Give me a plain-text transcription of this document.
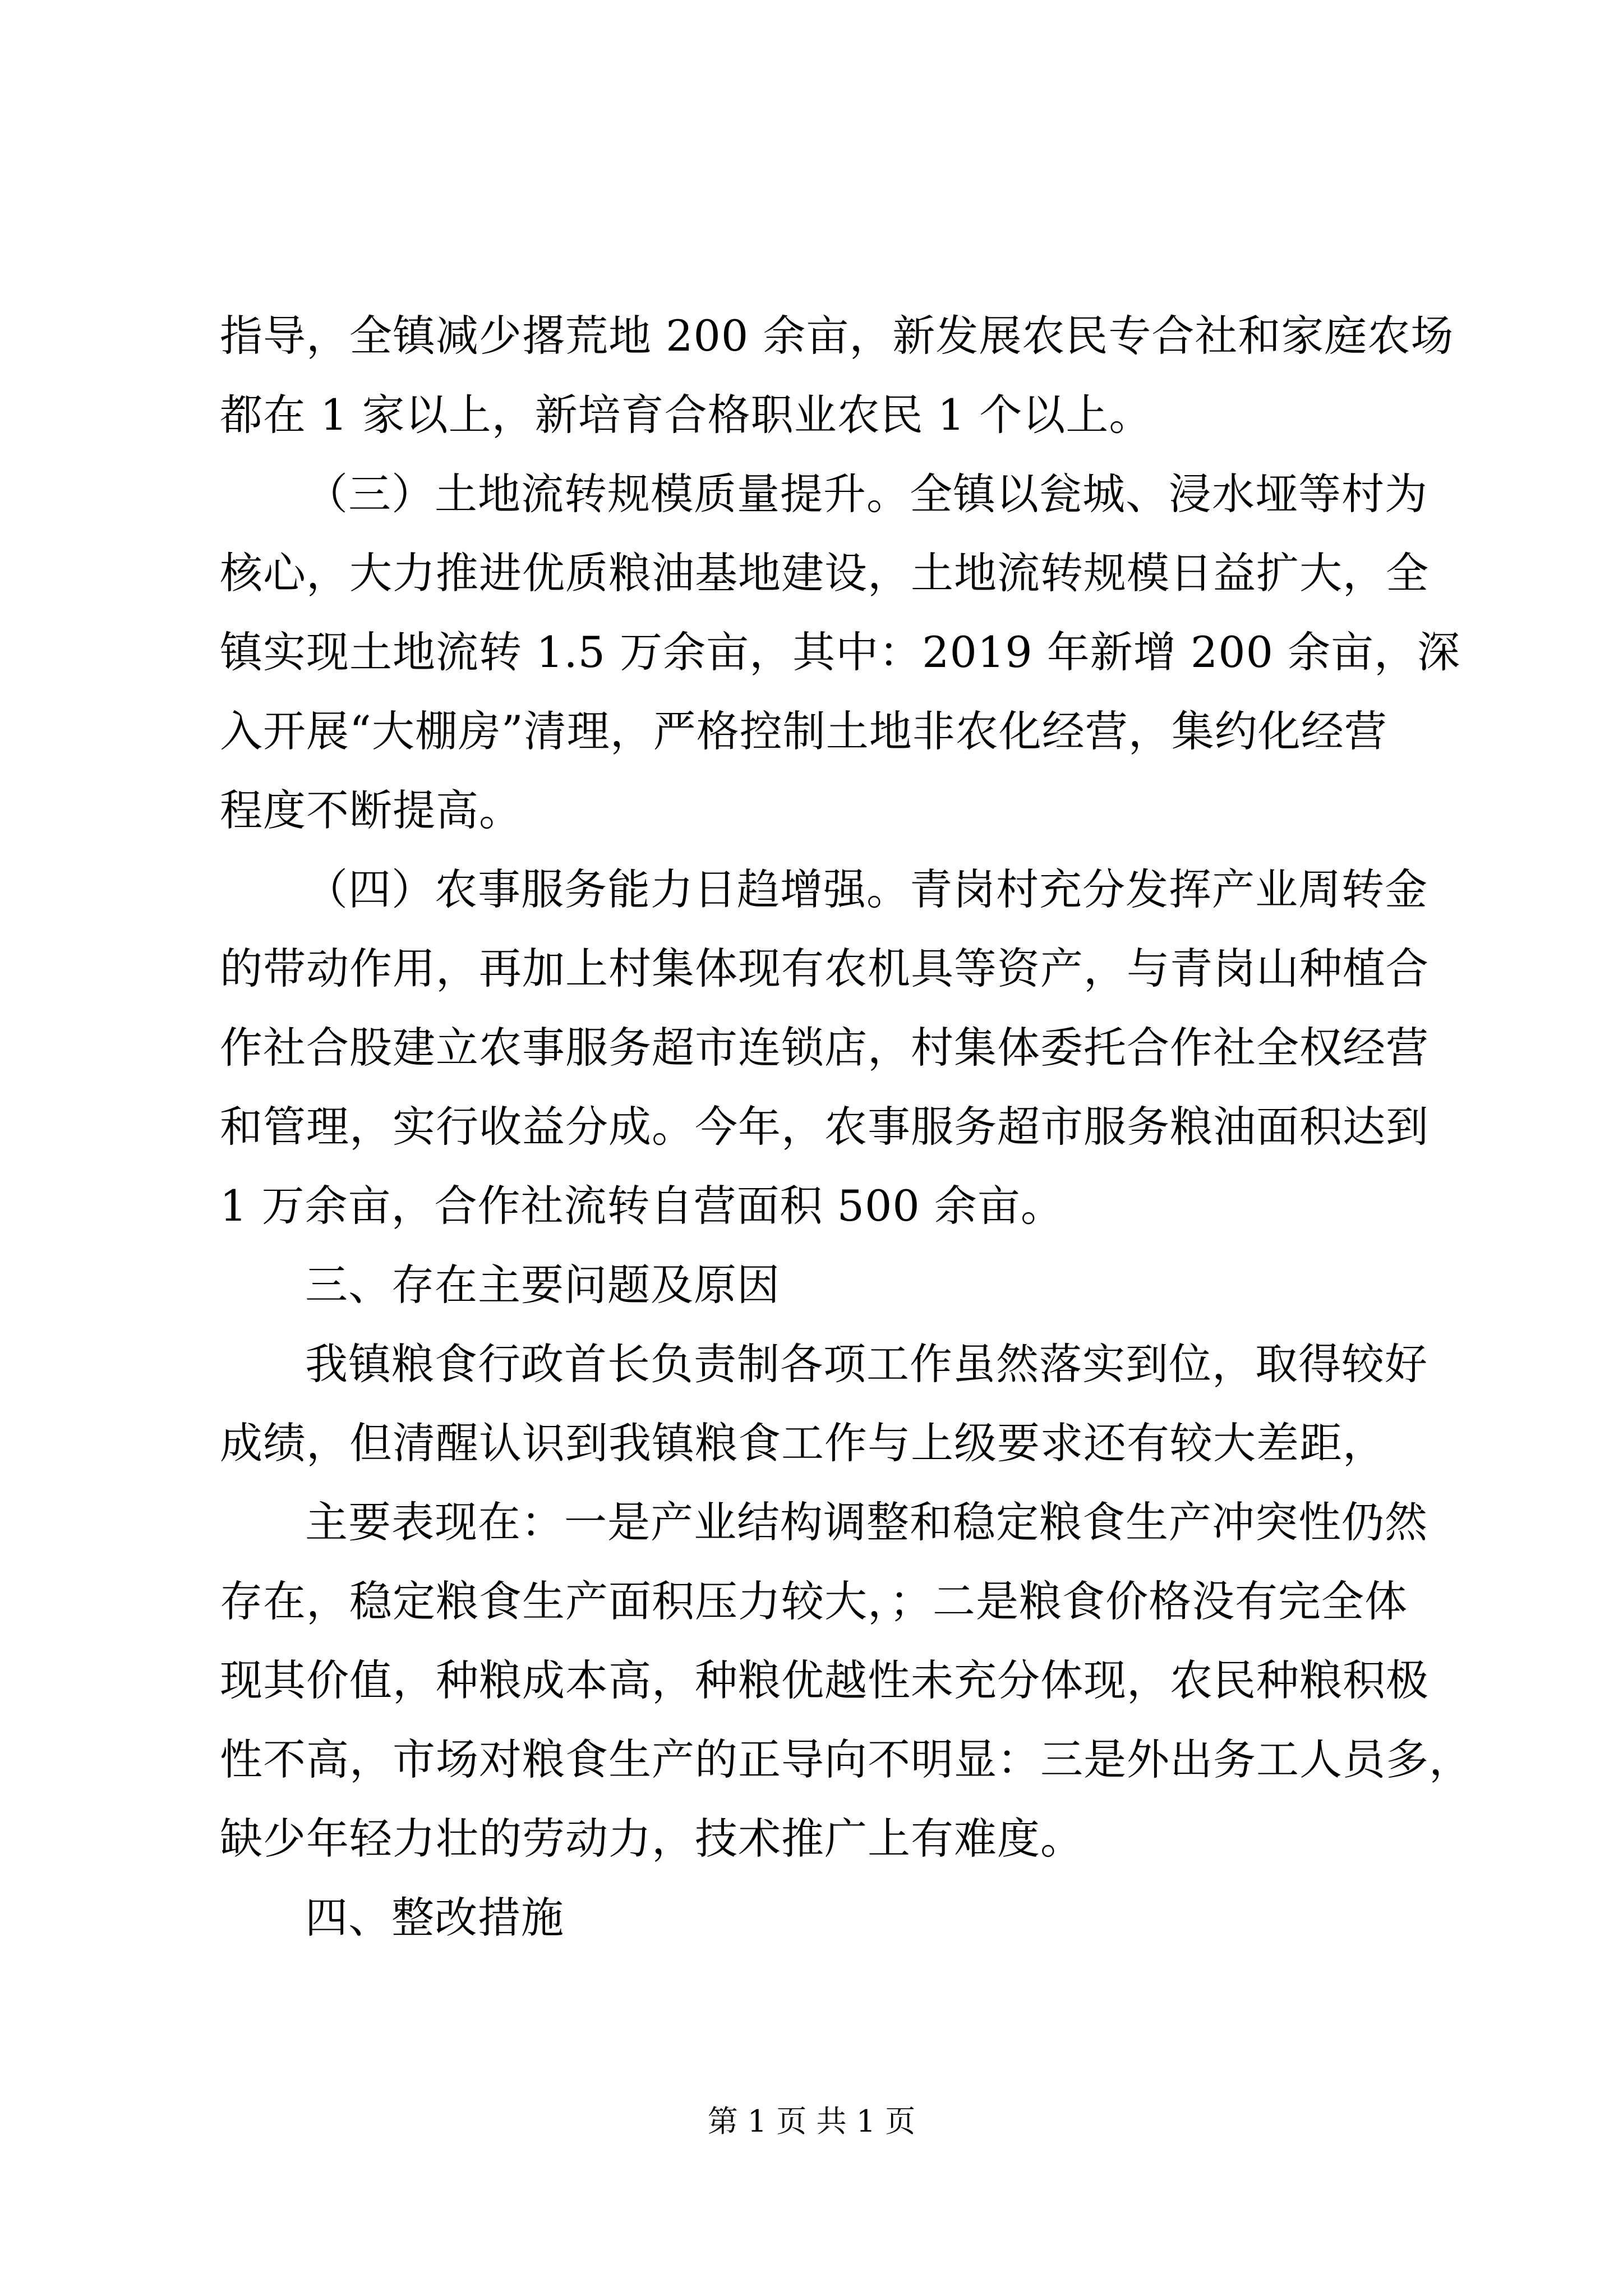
指导，全镇减少撂荒地 200 余亩，新发展农民专合社和家庭农场
都在 1 家以上，新培育合格职业农民 1 个以上。
（三）土地流转规模质量提升。全镇以瓮城、浸水垭等村为
核心，大力推进优质粮油基地建设，土地流转规模日益扩大，全
镇实现土地流转 1.5 万余亩，其中：2019 年新增 200 余亩，深
入开展“大棚房”清理，严格控制土地非农化经营，集约化经营
程度不断提高。
（四）农事服务能力日趋增强。青岗村充分发挥产业周转金
的带动作用，再加上村集体现有农机具等资产，与青岗山种植合
作社合股建立农事服务超市连锁店，村集体委托合作社全权经营
和管理，实行收益分成。今年，农事服务超市服务粮油面积达到
1 万余亩，合作社流转自营面积 500 余亩。
三、存在主要问题及原因
我镇粮食行政首长负责制各项工作虽然落实到位，取得较好
成绩，但清醒认识到我镇粮食工作与上级要求还有较大差距，
主要表现在：一是产业结构调整和稳定粮食生产冲突性仍然
存在，稳定粮食生产面积压力较大，；二是粮食价格没有完全体
现其价值，种粮成本高，种粮优越性未充分体现，农民种粮积极
性不高，市场对粮食生产的正导向不明显：三是外出务工人员多，
缺少年轻力壮的劳动力，技术推广上有难度。
四、整改措施
第 1 页 共 1 页
